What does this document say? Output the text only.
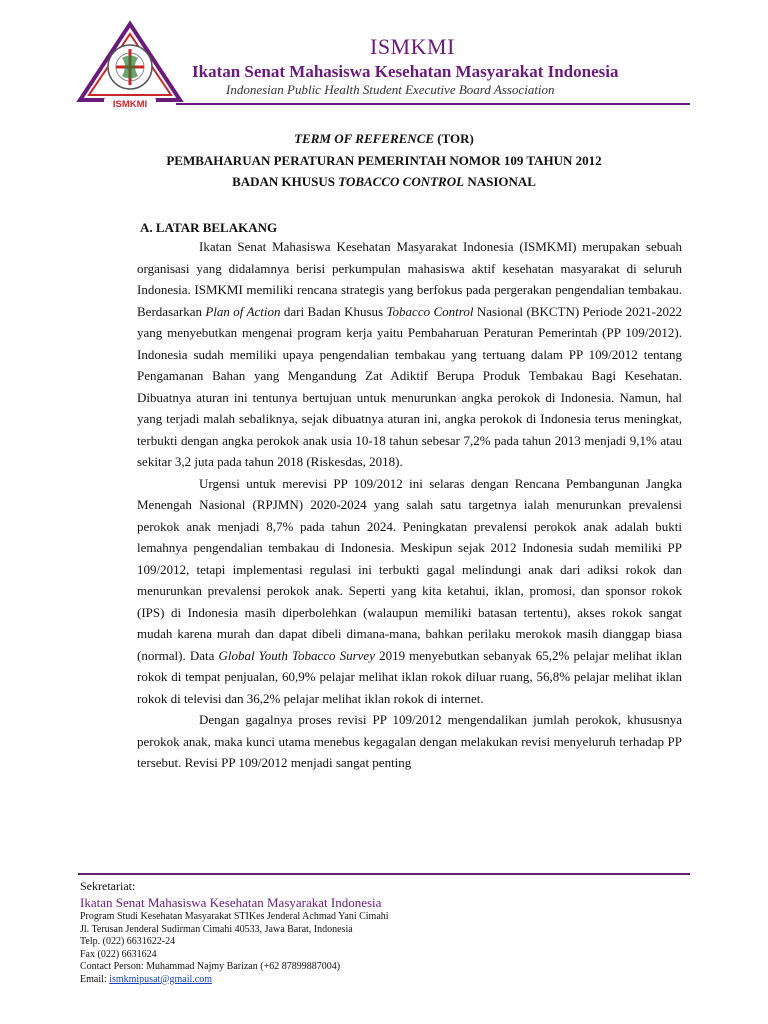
ISMKMI
ISMKMI
Ikatan Senat Mahasiswa Kesehatan Masyarakat Indonesia
Indonesian Public Health Student Executive Board Association
TERM OF REFERENCE (TOR)
PEMBAHARUAN PERATURAN PEMERINTAH NOMOR 109 TAHUN 2012
BADAN KHUSUS TOBACCO CONTROL NASIONAL
A. LATAR BELAKANG

Ikatan Senat Mahasiswa Kesehatan Masyarakat Indonesia (ISMKMI) merupakan sebuah organisasi yang didalamnya berisi perkumpulan mahasiswa aktif kesehatan masyarakat di seluruh Indonesia. ISMKMI memiliki rencana strategis yang berfokus pada pergerakan pengendalian tembakau. Berdasarkan Plan of Action dari Badan Khusus Tobacco Control Nasional (BKCTN) Periode 2021-2022 yang menyebutkan mengenai program kerja yaitu Pembaharuan Peraturan Pemerintah (PP 109/2012). Indonesia sudah memiliki upaya pengendalian tembakau yang tertuang dalam PP 109/2012 tentang Pengamanan Bahan yang Mengandung Zat Adiktif Berupa Produk Tembakau Bagi Kesehatan. Dibuatnya aturan ini tentunya bertujuan untuk menurunkan angka perokok di Indonesia. Namun, hal yang terjadi malah sebaliknya, sejak dibuatnya aturan ini, angka perokok di Indonesia terus meningkat, terbukti dengan angka perokok anak usia 10-18 tahun sebesar 7,2% pada tahun 2013 menjadi 9,1% atau sekitar 3,2 juta pada tahun 2018 (Riskesdas, 2018).

Urgensi untuk merevisi PP 109/2012 ini selaras dengan Rencana Pembangunan Jangka Menengah Nasional (RPJMN) 2020-2024 yang salah satu targetnya ialah menurunkan prevalensi perokok anak menjadi 8,7% pada tahun 2024. Peningkatan prevalensi perokok anak adalah bukti lemahnya pengendalian tembakau di Indonesia. Meskipun sejak 2012 Indonesia sudah memiliki PP 109/2012, tetapi implementasi regulasi ini terbukti gagal melindungi anak dari adiksi rokok dan menurunkan prevalensi perokok anak. Seperti yang kita ketahui, iklan, promosi, dan sponsor rokok (IPS) di Indonesia masih diperbolehkan (walaupun memiliki batasan tertentu), akses rokok sangat mudah karena murah dan dapat dibeli dimana-mana, bahkan perilaku merokok masih dianggap biasa (normal). Data Global Youth Tobacco Survey 2019 menyebutkan sebanyak 65,2% pelajar melihat iklan rokok di tempat penjualan, 60,9% pelajar melihat iklan rokok diluar ruang, 56,8% pelajar melihat iklan rokok di televisi dan 36,2% pelajar melihat iklan rokok di internet.

Dengan gagalnya proses revisi PP 109/2012 mengendalikan jumlah perokok, khususnya perokok anak, maka kunci utama menebus kegagalan dengan melakukan revisi menyeluruh terhadap PP tersebut. Revisi PP 109/2012 menjadi sangat penting

Sekretariat:
Ikatan Senat Mahasiswa Kesehatan Masyarakat Indonesia
Program Studi Kesehatan Masyarakat STIKes Jenderal Achmad Yani Cimahi
Jl. Terusan Jenderal Sudirman Cimahi 40533, Jawa Barat, Indonesia
Telp. (022) 6631622-24
Fax (022) 6631624
Contact Person: Muhammad Najmy Barizan (+62 87899887004)
Email: ismkmipusat@gmail.com
